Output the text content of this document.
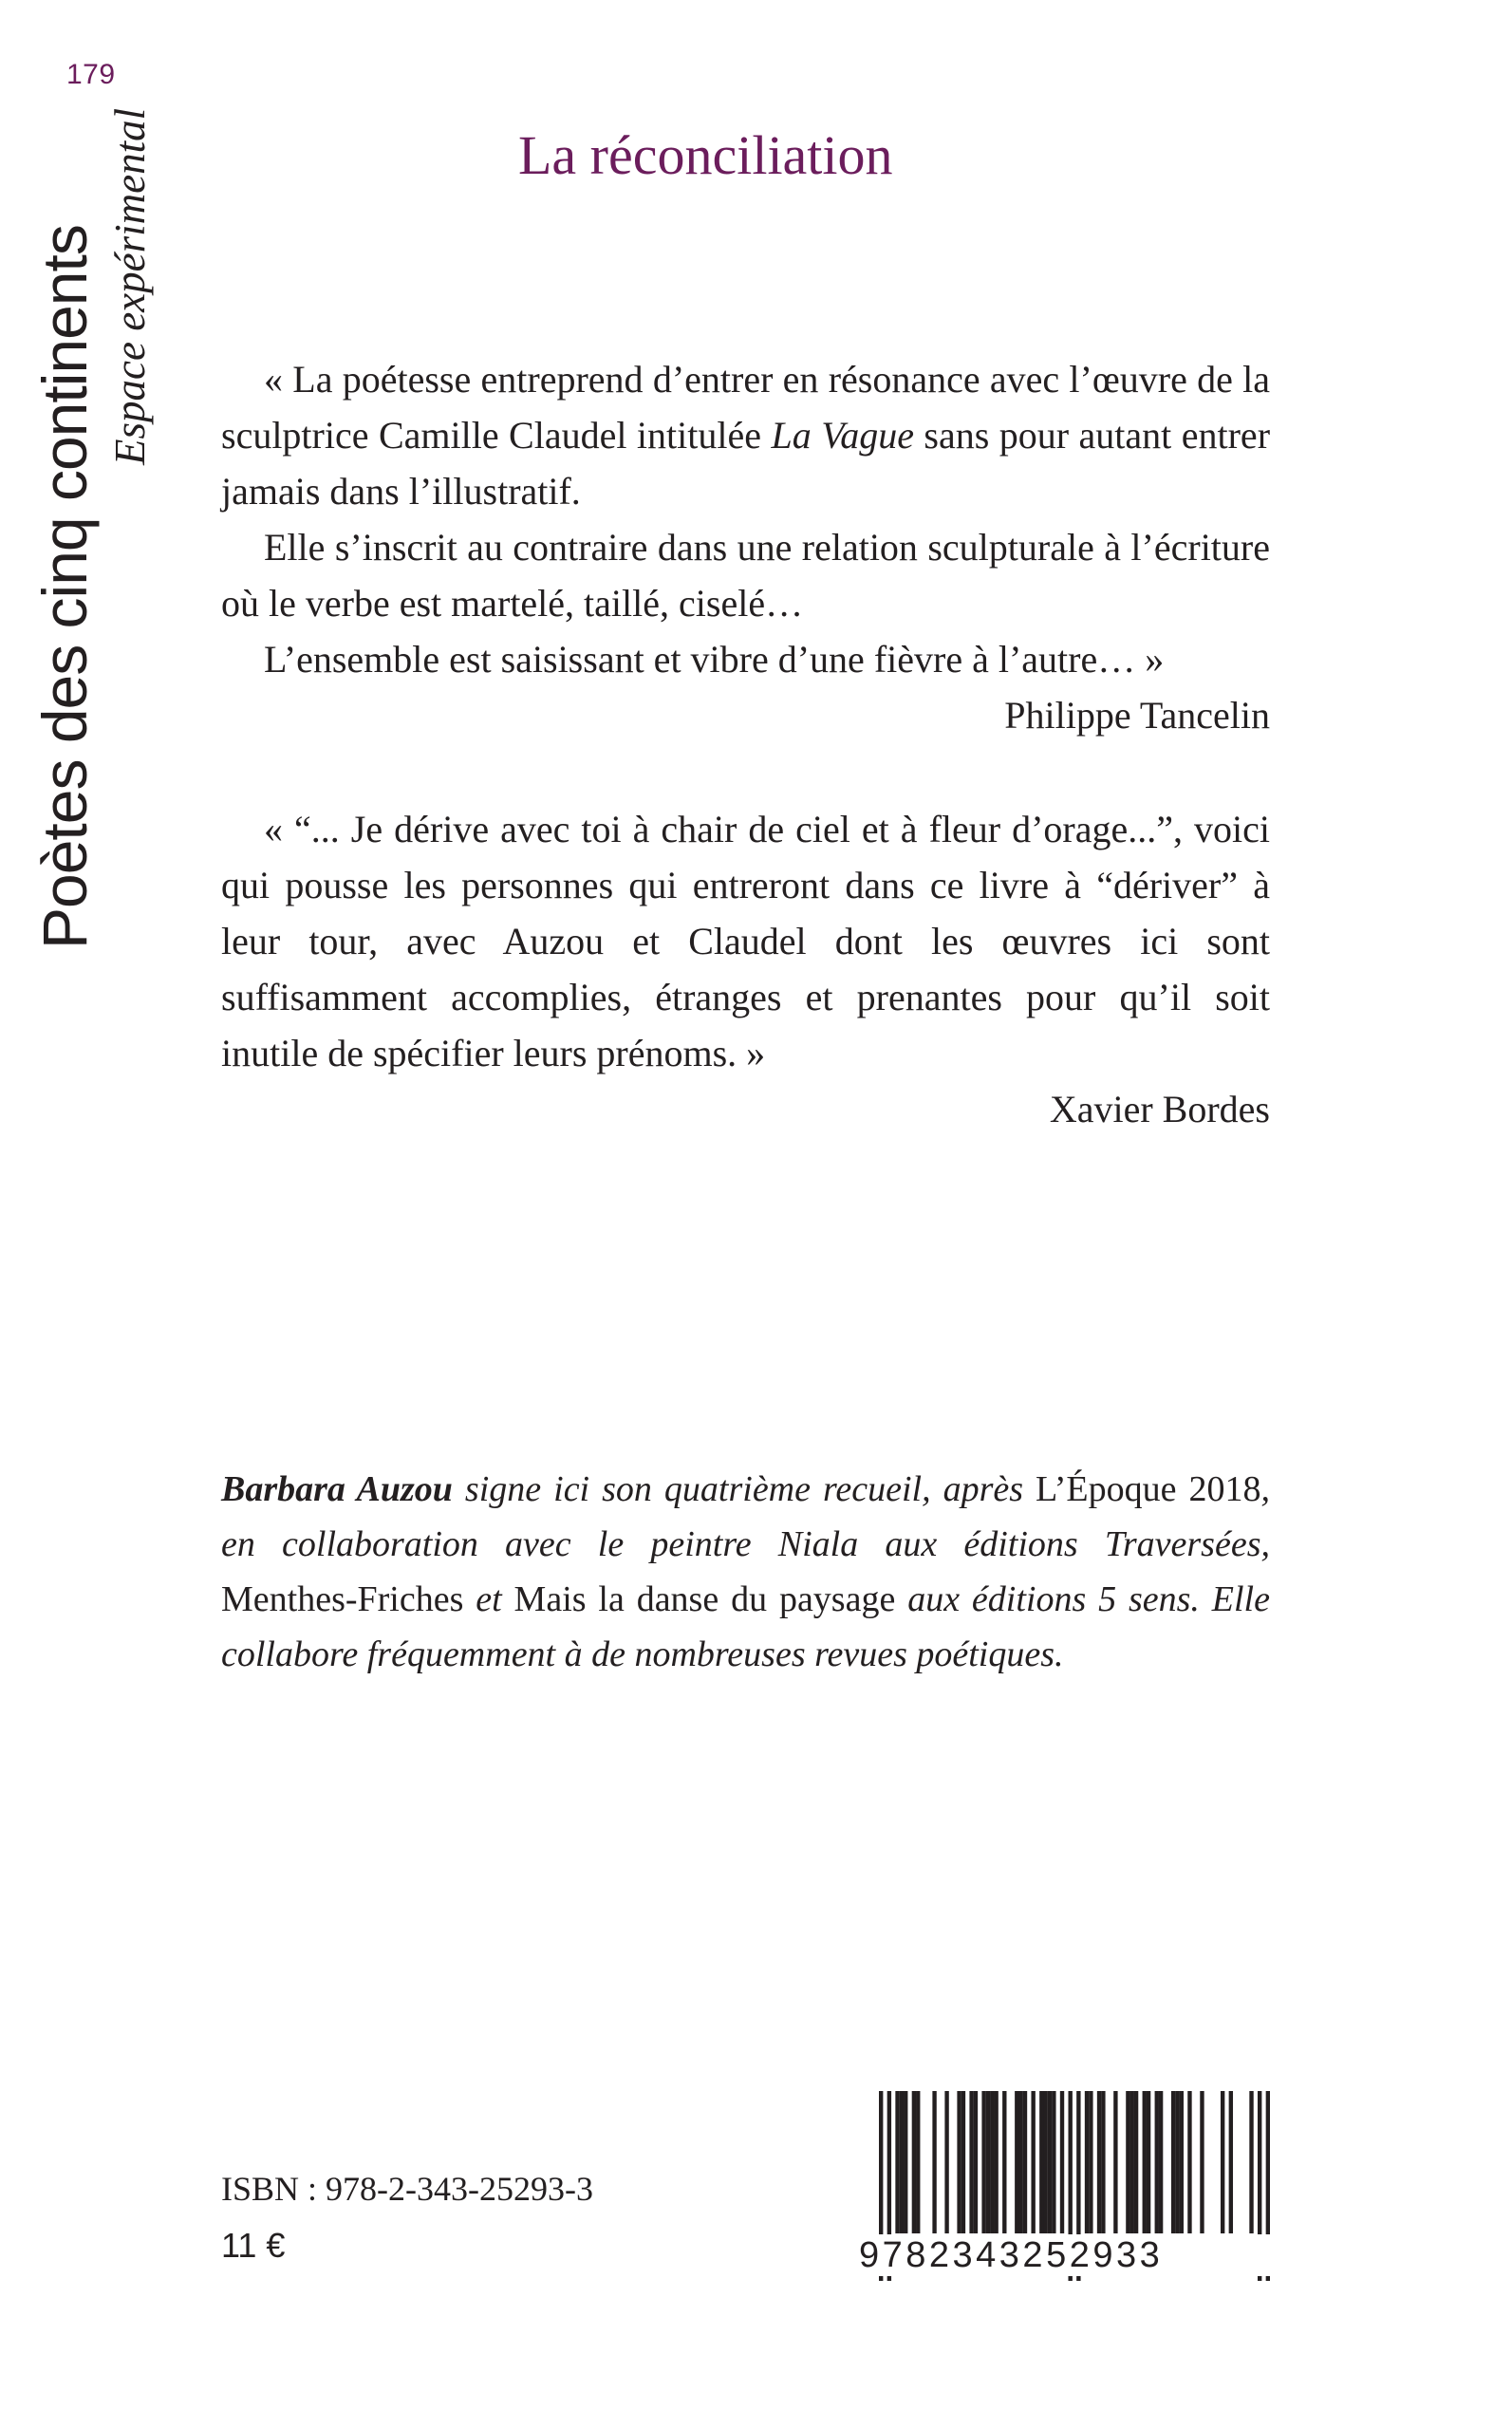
179
Poètes des cinq continents Espace expérimental	La réconciliation

« La poétesse entreprend d’entrer en résonance avec l’œuvre de la sculptrice Camille Claudel intitulée La Vague sans pour autant entrer jamais dans l’illustratif.

Elle s’inscrit au contraire dans une relation sculpturale à l’écriture où le verbe est martelé, taillé, ciselé…

L’ensemble est saisissant et vibre d’une fièvre à l’autre… »

Philippe Tancelin

« “... Je dérive avec toi à chair de ciel et à fleur d’orage...”, voici qui pousse les personnes qui entreront dans ce livre à “dériver” à leur tour, avec Auzou et Claudel dont les œuvres ici sont suffisamment accomplies, étranges et prenantes pour qu’il soit inutile de spécifier leurs prénoms. »

Xavier Bordes
Barbara Auzou signe ici son quatrième recueil, après L’Époque 2018, en collaboration avec le peintre Niala aux éditions Traversées, Menthes-Friches et Mais la danse du paysage aux éditions 5 sens. Elle collabore fréquemment à de nombreuses revues poétiques.
ISBN : 978-2-343-25293-3
11 €	9782343252933
